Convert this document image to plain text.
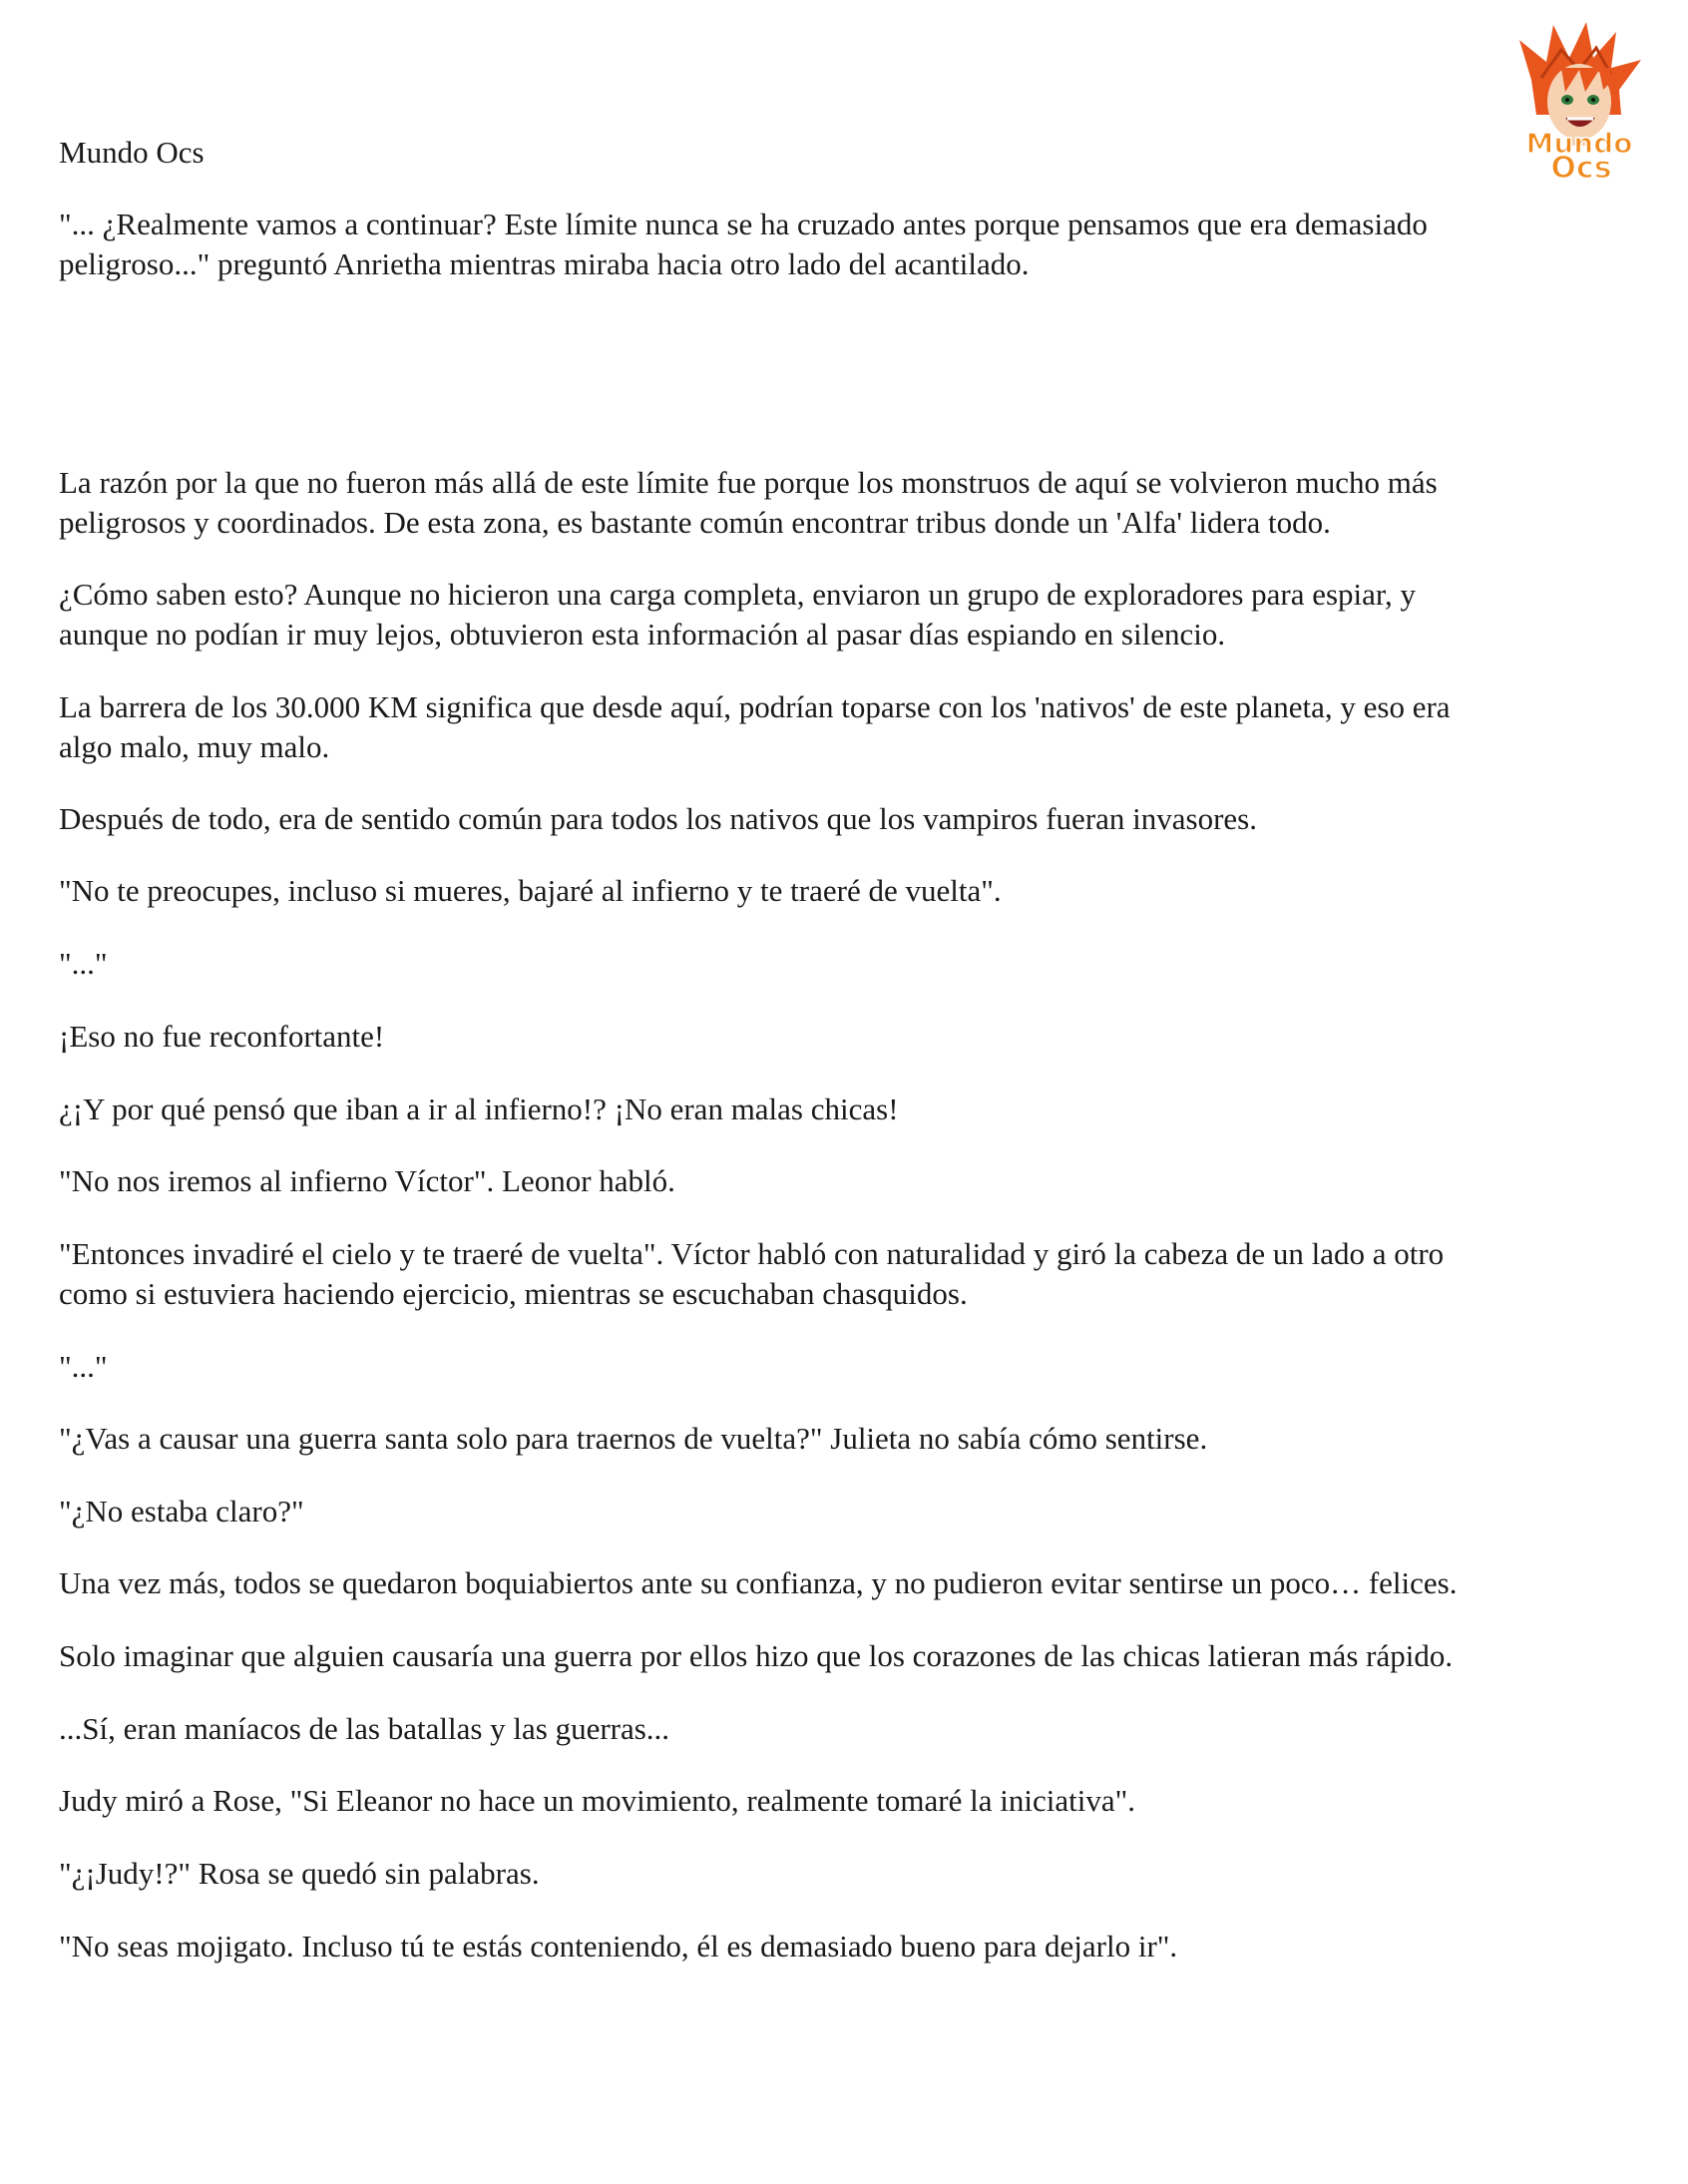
Mundo
Ocs
Mundo Ocs

"... ¿Realmente vamos a continuar? Este límite nunca se ha cruzado antes porque pensamos que era demasiado
peligroso..." preguntó Anrietha mientras miraba hacia otro lado del acantilado.

La razón por la que no fueron más allá de este límite fue porque los monstruos de aquí se volvieron mucho más
peligrosos y coordinados. De esta zona, es bastante común encontrar tribus donde un 'Alfa' lidera todo.

¿Cómo saben esto? Aunque no hicieron una carga completa, enviaron un grupo de exploradores para espiar, y
aunque no podían ir muy lejos, obtuvieron esta información al pasar días espiando en silencio.

La barrera de los 30.000 KM significa que desde aquí, podrían toparse con los 'nativos' de este planeta, y eso era
algo malo, muy malo.

Después de todo, era de sentido común para todos los nativos que los vampiros fueran invasores.

"No te preocupes, incluso si mueres, bajaré al infierno y te traeré de vuelta".

"..."

¡Eso no fue reconfortante!

¿¡Y por qué pensó que iban a ir al infierno!? ¡No eran malas chicas!

"No nos iremos al infierno Víctor". Leonor habló.

"Entonces invadiré el cielo y te traeré de vuelta". Víctor habló con naturalidad y giró la cabeza de un lado a otro
como si estuviera haciendo ejercicio, mientras se escuchaban chasquidos.

"..."

"¿Vas a causar una guerra santa solo para traernos de vuelta?" Julieta no sabía cómo sentirse.

"¿No estaba claro?"

Una vez más, todos se quedaron boquiabiertos ante su confianza, y no pudieron evitar sentirse un poco… felices.

Solo imaginar que alguien causaría una guerra por ellos hizo que los corazones de las chicas latieran más rápido.

...Sí, eran maníacos de las batallas y las guerras...

Judy miró a Rose, "Si Eleanor no hace un movimiento, realmente tomaré la iniciativa".

"¿¡Judy!?" Rosa se quedó sin palabras.

"No seas mojigato. Incluso tú te estás conteniendo, él es demasiado bueno para dejarlo ir".
